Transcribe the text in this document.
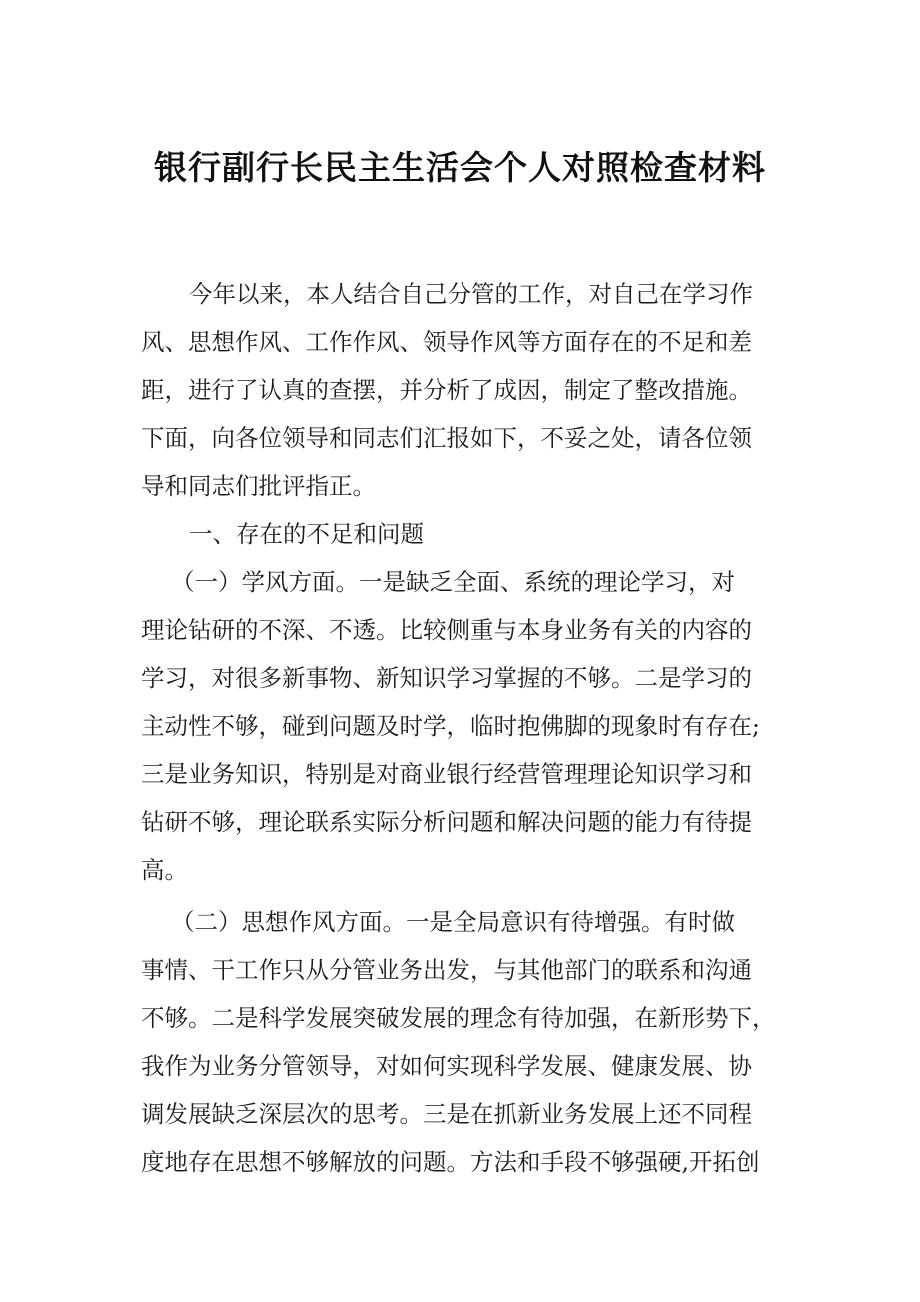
银行副行长民主生活会个人对照检查材料
今年以来，本人结合自己分管的工作，对自己在学习作
风、思想作风、工作作风、领导作风等方面存在的不足和差
距，进行了认真的查摆，并分析了成因，制定了整改措施。
下面，向各位领导和同志们汇报如下，不妥之处，请各位领
导和同志们批评指正。
一、存在的不足和问题
（一）学风方面。一是缺乏全面、系统的理论学习，对
理论钻研的不深、不透。比较侧重与本身业务有关的内容的
学习，对很多新事物、新知识学习掌握的不够。二是学习的
主动性不够，碰到问题及时学，临时抱佛脚的现象时有存在;
三是业务知识，特别是对商业银行经营管理理论知识学习和
钻研不够，理论联系实际分析问题和解决问题的能力有待提
高。
（二）思想作风方面。一是全局意识有待增强。有时做
事情、干工作只从分管业务出发，与其他部门的联系和沟通
不够。二是科学发展突破发展的理念有待加强，在新形势下，
我作为业务分管领导，对如何实现科学发展、健康发展、协
调发展缺乏深层次的思考。三是在抓新业务发展上还不同程
度地存在思想不够解放的问题。方法和手段不够强硬,开拓创
